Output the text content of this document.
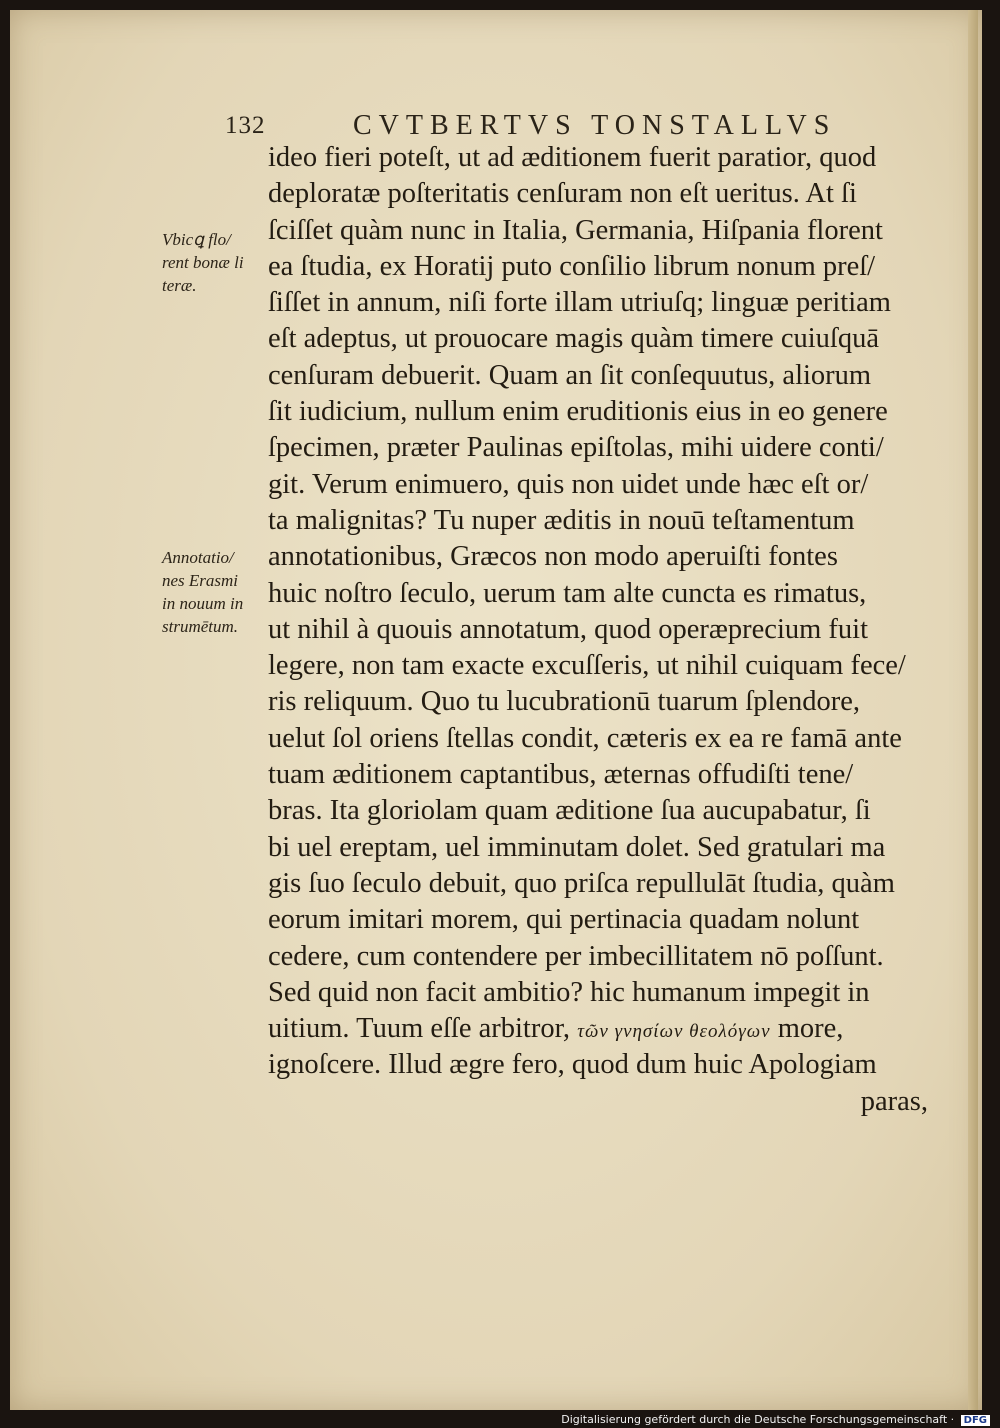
132	CVTBERTVS TONSTALLVS
Vbicꝗ flo/
rent bonæ li
teræ.
Annotatio/
nes Erasmi
in nouum in
strumētum.
ideo fieri poteſt, ut ad æditionem fuerit paratior, quod
deploratæ poſteritatis cenſuram non eſt ueritus. At ſi
ſciſſet quàm nunc in Italia, Germania, Hiſpania florent
ea ſtudia, ex Horatij puto conſilio librum nonum preſ/
ſiſſet in annum, niſi forte illam utriuſq; linguæ peritiam
eſt adeptus, ut prouocare magis quàm timere cuiuſquā
cenſuram debuerit. Quam an ſit conſequutus, aliorum
ſit iudicium, nullum enim eruditionis eius in eo genere
ſpecimen, præter Paulinas epiſtolas, mihi uidere conti/
git. Verum enimuero, quis non uidet unde hæc eſt or/
ta malignitas? Tu nuper æditis in nouū teſtamentum
annotationibus, Græcos non modo aperuiſti fontes
huic noſtro ſeculo, uerum tam alte cuncta es rimatus,
ut nihil à quouis annotatum, quod operæprecium fuit
legere, non tam exacte excuſſeris, ut nihil cuiquam fece/
ris reliquum. Quo tu lucubrationū tuarum ſplendore,
uelut ſol oriens ſtellas condit, cæteris ex ea re famā ante
tuam æditionem captantibus, æternas offudiſti tene/
bras. Ita gloriolam quam æditione ſua aucupabatur, ſi
bi uel ereptam, uel imminutam dolet. Sed gratulari ma
gis ſuo ſeculo debuit, quo priſca repullulāt ſtudia, quàm
eorum imitari morem, qui pertinacia quadam nolunt
cedere, cum contendere per imbecillitatem nō poſſunt.
Sed quid non facit ambitio? hic humanum impegit in
uitium. Tuum eſſe arbitror, τῶν γνησίων θεολόγων more,
ignoſcere. Illud ægre fero, quod dum huic Apologiam
paras,
Digitalisierung gefördert durch die Deutsche Forschungsgemeinschaft · DFG
